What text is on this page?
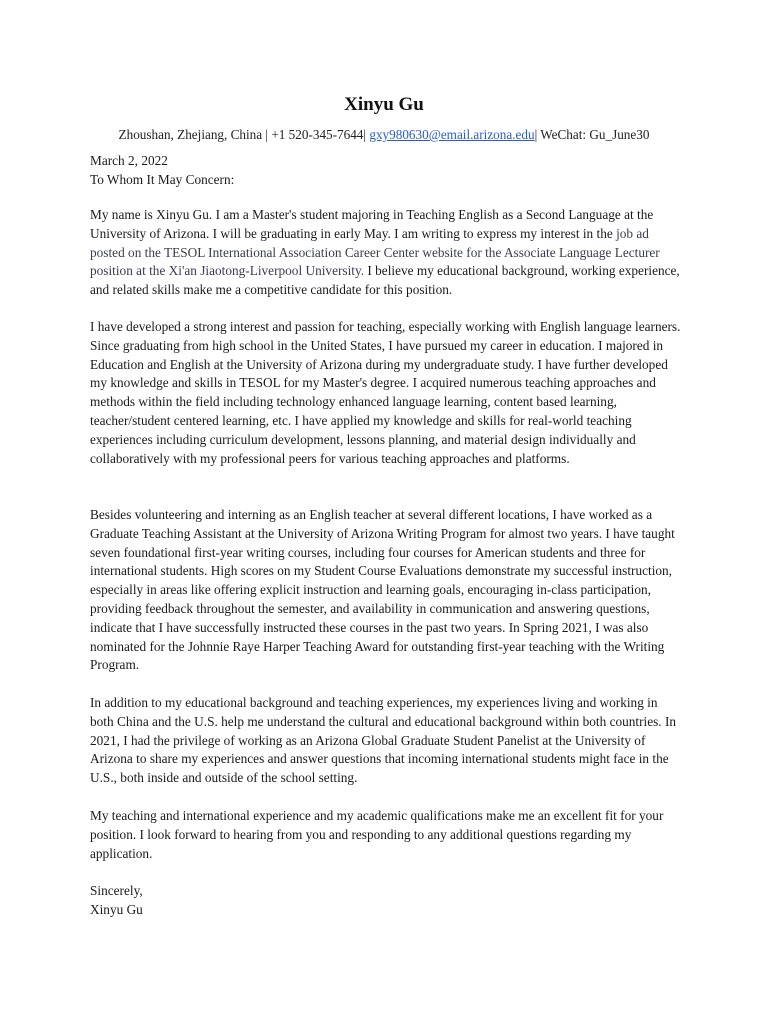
Xinyu Gu
Zhoushan, Zhejiang, China | +1 520-345-7644| gxy980630@email.arizona.edu| WeChat: Gu_June30

March 2, 2022

To Whom It May Concern:

My name is Xinyu Gu. I am a Master's student majoring in Teaching English as a Second Language at the University of Arizona. I will be graduating in early May. I am writing to express my interest in the job ad posted on the TESOL International Association Career Center website for the Associate Language Lecturer position at the Xi'an Jiaotong-Liverpool University. I believe my educational background, working experience, and related skills make me a competitive candidate for this position.

I have developed a strong interest and passion for teaching, especially working with English language learners. Since graduating from high school in the United States, I have pursued my career in education. I majored in Education and English at the University of Arizona during my undergraduate study. I have further developed my knowledge and skills in TESOL for my Master's degree. I acquired numerous teaching approaches and methods within the field including technology enhanced language learning, content based learning, teacher/student centered learning, etc. I have applied my knowledge and skills for real-world teaching experiences including curriculum development, lessons planning, and material design individually and collaboratively with my professional peers for various teaching approaches and platforms.

Besides volunteering and interning as an English teacher at several different locations, I have worked as a Graduate Teaching Assistant at the University of Arizona Writing Program for almost two years. I have taught seven foundational first-year writing courses, including four courses for American students and three for international students. High scores on my Student Course Evaluations demonstrate my successful instruction, especially in areas like offering explicit instruction and learning goals, encouraging in-class participation, providing feedback throughout the semester, and availability in communication and answering questions, indicate that I have successfully instructed these courses in the past two years. In Spring 2021, I was also nominated for the Johnnie Raye Harper Teaching Award for outstanding first-year teaching with the Writing Program.

In addition to my educational background and teaching experiences, my experiences living and working in both China and the U.S. help me understand the cultural and educational background within both countries. In 2021, I had the privilege of working as an Arizona Global Graduate Student Panelist at the University of Arizona to share my experiences and answer questions that incoming international students might face in the U.S., both inside and outside of the school setting.

My teaching and international experience and my academic qualifications make me an excellent fit for your position. I look forward to hearing from you and responding to any additional questions regarding my application.

Sincerely,

Xinyu Gu
